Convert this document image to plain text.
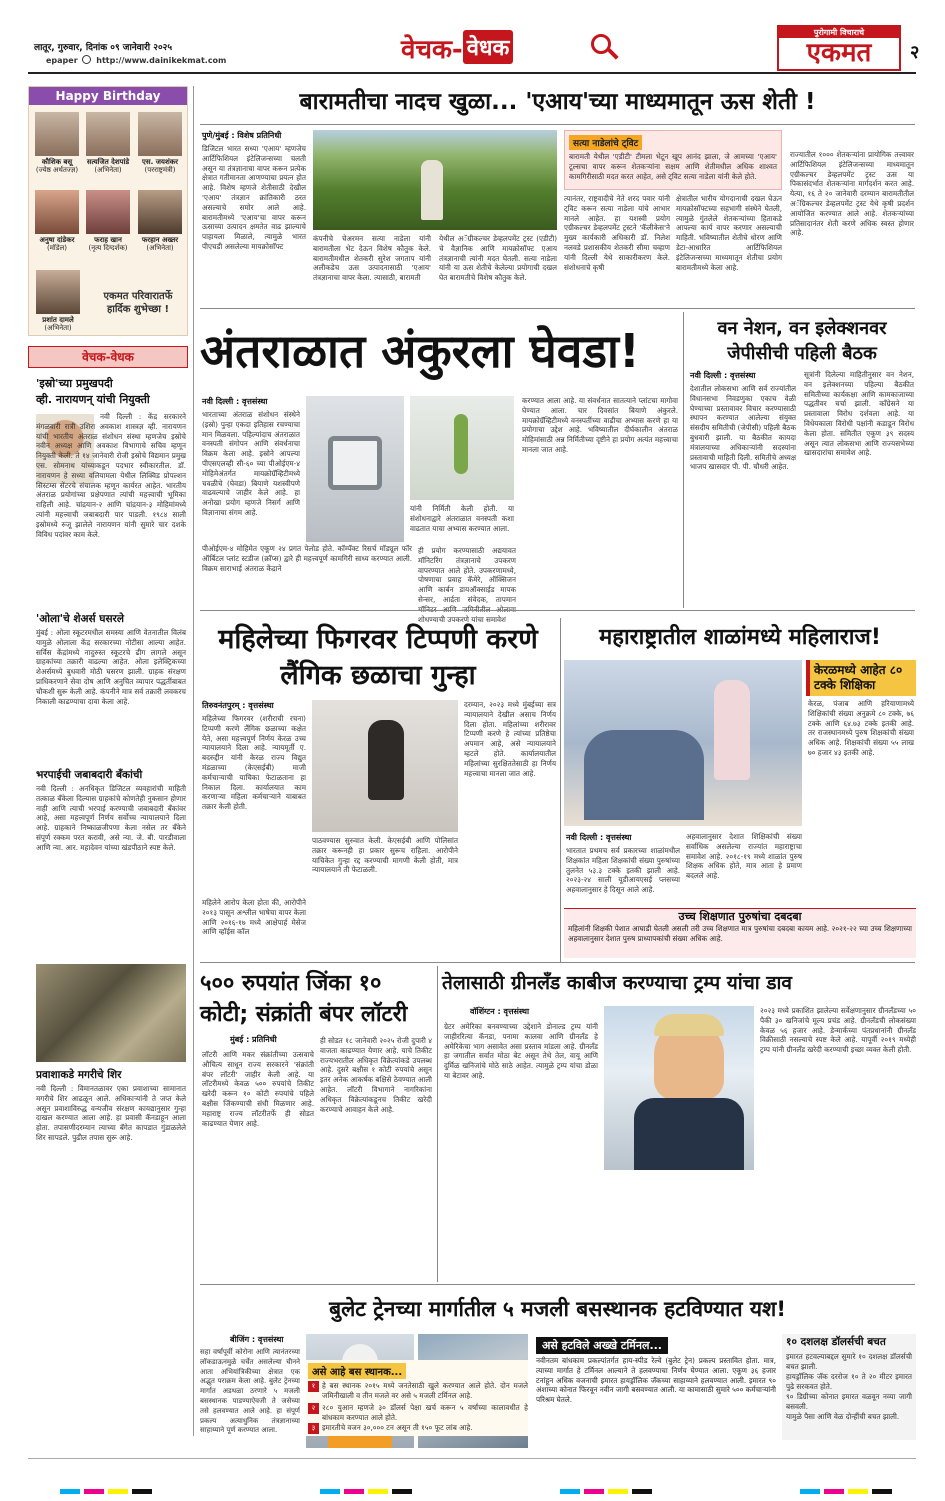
लातूर, गुरुवार, दिनांक ०९ जानेवारी २०२५
epaper http://www.dainikekmat.com	वेचक- वेधक
पुरोगामी विचाराचे
एकमत	२
Happy Birthday
कौशिक बसू
(ज्येष्ठ अर्थतज्ज्ञ)
सत्यजित देशपांडे
(अभिनेता)
एस. जयशंकर
(परराष्ट्रमंत्री)
अनुषा दांडेकर
(मॉडेल)
फराह खान
(नृत्य दिग्दर्शक)
फरहान अख्तर
(अभिनेता)
प्रशांत दामले
(अभिनेता)
एकमत परिवारातर्फे हार्दिक शुभेच्छा !
वेचक-वेधक
'इस्रो'च्या प्रमुखपदी
व्ही. नारायणन् यांची नियुक्ती
नवी दिल्ली : केंद्र सरकारने मंगळवारी रात्री उशिरा अवकाश शास्त्रज्ञ व्ही. नारायणन यांची भारतीय अंतराळ संशोधन संस्था म्हणजेच इस्रोचे नवीन अध्यक्ष आणि अवकाश विभागाचे सचिव म्हणून नियुक्ती केली. ते १४ जानेवारी रोजी इस्रोचे विद्यमान प्रमुख एस. सोमनाथ यांच्याकडून पदभार स्वीकारतील. डॉ. नारायणन हे सध्या वलियामला येथील लिक्विड प्रोपल्शन सिस्टम्स सेंटरचे संचालक म्हणून कार्यरत आहेत. भारतीय अंतराळ प्रयोगांच्या प्रक्षेपणात त्यांची महत्त्वाची भूमिका राहिली आहे. चांद्रयान-२ आणि चांद्रयान-३ मोहिमांमध्ये त्यांनी महत्त्वाची जबाबदारी पार पाडली. १९८४ साली इस्रोमध्ये रुजू झालेले नारायणन यांनी सुमारे चार दशके विविध पदांवर काम केले.
'ओला'चे शेअर्स घसरले
मुंबई : ओला स्कूटरमधील समस्या आणि वेतनातील विलंब यामुळे ओलाला केंद्र सरकारच्या नोटीसा आल्या आहेत. सर्विस केंद्रांमध्ये नादुरुस्त स्कूटरचे ढीग लागले असून ग्राहकांच्या तक्रारी वाढल्या आहेत. ओला इलेक्ट्रिकच्या शेअर्समध्ये बुधवारी मोठी घसरण झाली. ग्राहक संरक्षण प्राधिकरणाने सेवा दोष आणि अनुचित व्यापार पद्धतींबाबत चौकशी सुरू केली आहे. कंपनीने मात्र सर्व तक्रारी लवकरच निकाली काढण्याचा दावा केला आहे.
भरपाईची जबाबदारी बँकांची
नवी दिल्ली : अनधिकृत डिजिटल व्यवहारांची माहिती तत्काळ बँकेला दिल्यास ग्राहकांचे कोणतेही नुकसान होणार नाही आणि त्याची भरपाई करण्याची जबाबदारी बँकांवर आहे, असा महत्त्वपूर्ण निर्णय सर्वोच्च न्यायालयाने दिला आहे. ग्राहकाने निष्काळजीपणा केला नसेल तर बँकेने संपूर्ण रक्कम परत करावी, असे न्या. जे. बी. पारडीवाला आणि न्या. आर. महादेवन यांच्या खंडपीठाने स्पष्ट केले.
प्रवाशाकडे मगरीचे शिर
नवी दिल्ली : विमानतळावर एका प्रवाशाच्या सामानात मगरीचे शिर आढळून आले. अधिकाऱ्यांनी ते जप्त केले असून प्रवाशाविरुद्ध वन्यजीव संरक्षण कायद्यानुसार गुन्हा दाखल करण्यात आला आहे. हा प्रवासी कॅनडाहून आला होता. तपासणीदरम्यान त्याच्या बॅगेत कापडात गुंडाळलेले शिर सापडले. पुढील तपास सुरू आहे.
बारामतीचा नादच खुळा... 'एआय'च्या माध्यमातून ऊस शेती !
पुणे/मुंबई : विशेष प्रतिनिधी
डिजिटल भारत सध्या 'एआय' म्हणजेच आर्टिफिशियल इंटेलिजन्सच्या चलती असून या तंत्रज्ञानाचा वापर करून प्रत्येक क्षेत्रात गतीमानता आणण्याचा प्रयत्न होत आहे. विशेष म्हणजे शेतीसाठी देखील 'एआय' तंत्रज्ञान क्रांतिकारी ठरत असल्याचे समोर आले आहे. बारामतीमध्ये 'एआय'चा वापर करून ऊसाच्या उत्पादन क्षमतेत वाढ झाल्याचे पाहायला मिळाले, त्यामुळे भारत पीएचडी असलेल्या मायक्रोसॉफ्ट
कंपनीचे चेअरमन सत्या नाडेला यांनी बारामतीला भेट देऊन विशेष कौतुक केले. बारामतीमधील शेतकरी सुरेश जगताप यांनी अलीकडेच ऊस उत्पादनासाठी 'एआय' तंत्रज्ञानाचा वापर केला. त्यासाठी, बारामती
येथील अॅग्रीकल्चर डेव्हलपमेंट ट्रस्ट (एडीटी) चे वैज्ञानिक आणि मायक्रोसॉफ्ट एआय तंत्रज्ञानाची त्यांनी मदत घेतली. सत्या नाडेला यांनी या ऊस शेतीचे केलेल्या प्रयोगाची दखल घेत बारामतीचे विशेष कौतुक केले.
सत्या नाडेलांचे ट्विट
बारामती येथील 'एडीटी' टीमला भेटून खूप आनंद झाला, जे आमच्या 'एआय' टूल्सचा वापर करून शेतकऱ्यांना सक्षम आणि शेतीमधील अधिक शाश्वत कामगिरीसाठी मदत करत आहेत, असे ट्विट सत्या नाडेला यांनी केले होते.
त्यानंतर, राष्ट्रवादीचे नेते शरद पवार यांनी ट्विट करून सत्या नाडेला यांचे आभार मानले आहेत. हा यशस्वी प्रयोग एग्रीकल्चर डेव्हलपमेंट ट्रस्टने 'कॅलीकेस'ने मुख्य कार्यकारी अधिकारी डॉ. निलेश नलवडे प्रशासकीय शेतकरी सीमा चव्हाण यांनी दिल्ली येथे साकारीकरण केले. संशोधनाचे कृषी
क्षेत्रातील भारीय योगदानाची दखल घेऊन मायक्रोसॉफ्टच्या सहभागी संस्थेने घेतली, त्यामुळे गुंतलेले शेतकऱ्यांच्या हिताकडे आपल्या कार्य वापर करणार असल्याची माहिती. भविष्यातील शेतीचे धोरण आणि डेटा-आधारित आर्टिफिशियल इंटेलिजन्सच्या माध्यमातून शेतीचा प्रयोग बारामतीमध्ये केला आहे.
राज्यातील १००० शेतकऱ्यांना प्रायोगिक तत्त्वावर आर्टिफिशियल इंटेलिजन्सच्या माध्यमातून एग्रीकल्चर डेव्हलपमेंट ट्रस्ट ऊस या पिकासंदर्भात शेतकऱ्यांना मार्गदर्शन करत आहे. येत्या, १६ ते २० जानेवारी दरम्यान बारामतीतील अॅग्रिकल्चर डेव्हलपमेंट ट्रस्ट येथे कृषी प्रदर्शन आयोजित करण्यात आले आहे. शेतकऱ्यांच्या प्रतिसादानंतर शेती करणे अधिक स्वस्त होणार आहे.
अंतराळात अंकुरला घेवडा!
नवी दिल्ली : वृत्तसंस्था
भारताच्या अंतराळ संशोधन संस्थेने (इस्रो) पुन्हा एकदा इतिहास रचण्याचा मान मिळवला. पहिल्यांदाच अंतराळात वनस्पती संगोपन आणि संवर्धनाचा विक्रम केला आहे. इस्रोने आपल्या पीएसएलव्ही सी-६० च्या पीओईएम-४ मोहिमेअंतर्गत मायक्रोग्रॅव्हिटीमध्ये चवळीचे (घेवडा) बियाणे यशस्वीपणे वाढवल्याचे जाहीर केले आहे. हा अनोखा प्रयोग म्हणजे निसर्ग आणि विज्ञानाचा संगम आहे.
पीओईएम-४ मोहिमेत एकूण २४ प्रगत पेलोड होते. कॉम्पॅक्ट रिसर्च मॉड्यूल फॉर ऑर्बिटल प्लांट स्टडीज (क्रॉप्स) द्वारे ही महत्त्वपूर्ण कामगिरी साध्य करण्यात आली. विक्रम साराभाई अंतराळ केंद्राने
यांनी निर्मिती केली होती. या संशोधनाद्वारे अंतराळात वनस्पती कशा वाढतात याचा अभ्यास करण्यात आला.
ही प्रयोग करण्यासाठी अद्ययावत मॉनिटरिंग तंत्रज्ञानाचे उपकरण वापरण्यात आले होते. उपकरणामध्ये, पोषणाचा प्रवाह कॅमेरे, ऑक्सिजन आणि कार्बन डायऑक्साईड मापक सेन्सर, आर्द्रता संवेदक, तापमान शोधण्याची उपकरणे यांचा समावेश
करण्यात आला आहे. या संवर्धनात सातत्याने प्लांटचा मागोवा घेण्यात आला. चार दिवसांत बियाणे अंकुरले. मायक्रोग्रॅव्हिटीमध्ये वनस्पतींच्या वाढीचा अभ्यास करणे हा या प्रयोगाचा उद्देश आहे. भविष्यातील दीर्घकालीन अंतराळ मोहिमांसाठी अन्न निर्मितीच्या दृष्टीने हा प्रयोग अत्यंत महत्त्वाचा मानला जात आहे.
वन नेशन, वन इलेक्शनवर जेपीसीची पहिली बैठक
नवी दिल्ली : वृत्तसंस्था
देशातील लोकसभा आणि सर्व राज्यांतील विधानसभा निवडणुका एकाच वेळी घेण्याच्या प्रस्तावावर विचार करण्यासाठी स्थापन करण्यात आलेल्या संयुक्त संसदीय समितीची (जेपीसी) पहिली बैठक बुधवारी झाली. या बैठकीत कायदा मंत्रालयाच्या अधिकाऱ्यांनी सदस्यांना प्रस्तावाची माहिती दिली. समितीचे अध्यक्ष भाजप खासदार पी. पी. चौधरी आहेत.
सूत्रांनी दिलेल्या माहितीनुसार वन नेशन, वन इलेक्शनच्या पहिल्या बैठकीत समितीच्या कार्यकक्षा आणि कामकाजाच्या पद्धतीवर चर्चा झाली. काँग्रेसने या प्रस्तावाला विरोध दर्शवला आहे. या विधेयकाला विरोधी पक्षांनी कडाडून विरोध केला होता. समितीत एकूण ३९ सदस्य असून त्यात लोकसभा आणि राज्यसभेच्या खासदारांचा समावेश आहे.
महिलेच्या फिगरवर टिप्पणी करणे लैंगिक छळाचा गुन्हा
तिरुवनंतपुरम् : वृत्तसंस्था
महिलेच्या फिगरवर (शरीराची रचना) टिप्पणी करणे लैंगिक छळाच्या कक्षेत येते, असा महत्त्वपूर्ण निर्णय केरळ उच्च न्यायालयाने दिला आहे. न्यायमूर्ती ए. बदरुद्दीन यांनी केरळ राज्य विद्युत मंडळाच्या (केएसईबी) माजी कर्मचाऱ्याची याचिका फेटाळताना हा निकाल दिला. कार्यालयात काम करणाऱ्या महिला कर्मचाऱ्याने याबाबत तक्रार केली होती.
महिलेने आरोप केला होता की, आरोपीने २०१३ पासून अश्लील भाषेचा वापर केला आणि २०१६-१७ मध्ये आक्षेपार्ह मेसेज आणि व्हॉईस कॉल
पाठवण्यास सुरुवात केली. केएसईबी आणि पोलिसांत तक्रार करूनही हा प्रकार सुरूच राहिला. आरोपीने याचिकेत गुन्हा रद्द करण्याची मागणी केली होती, मात्र न्यायालयाने ती फेटाळली.
दरम्यान, २०२३ मध्ये मुंबईच्या सत्र न्यायालयाने देखील असाच निर्णय दिला होता. महिलांच्या शरीरावर टिप्पणी करणे हे त्यांच्या प्रतिष्ठेचा अपमान आहे, असे न्यायालयाने म्हटले होते. कार्यालयातील महिलांच्या सुरक्षिततेसाठी हा निर्णय महत्त्वाचा मानला जात आहे.
महाराष्ट्रातील शाळांमध्ये महिलाराज!
केरळमध्ये आहेत ८० टक्के शिक्षिका
केरळ, पंजाब आणि हरियाणामध्ये शिक्षिकांची संख्या अनुक्रमे ८० टक्के, ७६ टक्के आणि ६४.७३ टक्के इतकी आहे. तर राजस्थानमध्ये पुरुष शिक्षकांची संख्या अधिक आहे. शिक्षकांची संख्या ५५ लाख ७० हजार ४३ इतकी आहे.
नवी दिल्ली : वृत्तसंस्था
भारतात प्रथमच सर्व प्रकारच्या शाळांमधील शिक्षकांत महिला शिक्षकांची संख्या पुरुषांच्या तुलनेत ५३.३ टक्के इतकी झाली आहे. २०२३-२४ साली यूडीआयएसई प्लसच्या अहवालानुसार हे दिसून आले आहे.
अहवालानुसार देशात शिक्षिकांची संख्या सर्वाधिक असलेल्या राज्यांत महाराष्ट्राचा समावेश आहे. २०१८-१९ मध्ये शाळांत पुरुष शिक्षक अधिक होते, मात्र आता हे प्रमाण बदलले आहे.
उच्च शिक्षणात पुरुषांचा दबदबा
महिलांनी शिक्षकी पेशात आघाडी घेतली असली तरी उच्च शिक्षणात मात्र पुरुषांचा दबदबा कायम आहे. २०२१-२२ च्या उच्च शिक्षणाच्या अहवालानुसार देशात पुरुष प्राध्यापकांची संख्या अधिक आहे.
५०० रुपयांत जिंका १० कोटी; संक्रांती बंपर लॉटरी
मुंबई : प्रतिनिधी
लॉटरी आणि मकर संक्रांतीच्या उत्सवाचे औचित्य साधून राज्य सरकारने 'संक्रांती बंपर लॉटरी' जाहीर केली आहे. या लॉटरीमध्ये केवळ ५०० रुपयांचे तिकीट खरेदी करून १० कोटी रुपयांचे पहिले बक्षीस जिंकण्याची संधी मिळणार आहे. महाराष्ट्र राज्य लॉटरीतर्फे ही सोडत काढण्यात येणार आहे.
ही सोडत १८ जानेवारी २०२५ रोजी दुपारी ४ वाजता काढण्यात येणार आहे. याचे तिकीट राज्यभरातील अधिकृत विक्रेत्यांकडे उपलब्ध आहे. दुसरे बक्षीस १ कोटी रुपयांचे असून इतर अनेक आकर्षक बक्षिसे ठेवण्यात आली आहेत. लॉटरी विभागाने नागरिकांना अधिकृत विक्रेत्यांकडूनच तिकीट खरेदी करण्याचे आवाहन केले आहे.
तेलासाठी ग्रीनलँड काबीज करण्याचा ट्रम्प यांचा डाव
वॉशिंग्टन : वृत्तसंस्था
ग्रेटर अमेरिका बनवण्याच्या उद्देशाने डोनाल्ड ट्रम्प यांनी जाहीररित्या कॅनडा, पनामा कालवा आणि ग्रीनलँड हे अमेरिकेचा भाग असावेत असा प्रस्ताव मांडला आहे. ग्रीनलँड हा जगातील सर्वात मोठा बेट असून तेथे तेल, वायू आणि दुर्मिळ खनिजांचे मोठे साठे आहेत. त्यामुळे ट्रम्प यांचा डोळा या बेटावर आहे.
२०२३ मध्ये प्रकाशित झालेल्या सर्वेक्षणानुसार ग्रीनलँडच्या ५० पैकी ३० खनिजांचे मूल्य प्रचंड आहे. ग्रीनलँडची लोकसंख्या केवळ ५६ हजार आहे. डेन्मार्कच्या पंतप्रधानांनी ग्रीनलँड विक्रीसाठी नसल्याचे स्पष्ट केले आहे. यापूर्वी २०१९ मध्येही ट्रम्प यांनी ग्रीनलँड खरेदी करण्याची इच्छा व्यक्त केली होती.
बुलेट ट्रेनच्या मार्गातील ५ मजली बसस्थानक हटविण्यात यश!
बीजिंग : वृत्तसंस्था
सहा वर्षांपूर्वी कोरोना आणि त्यानंतरच्या लॉकडाऊनमुळे चर्चेत असलेल्या चीनने आता अभियांत्रिकीच्या क्षेत्रात एक अद्भुत पराक्रम केला आहे. बुलेट ट्रेनच्या मार्गात अडथळा ठरणारे ५ मजली बसस्थानक पाडण्याऐवजी ते जसेच्या तसे हलवण्यात आले आहे. हा संपूर्ण प्रकल्प अत्याधुनिक तंत्रज्ञानाच्या साहाय्याने पूर्ण करण्यात आला.
असे आहे बस स्थानक...
१ हे बस स्थानक २०१५ मध्ये जनतेसाठी खुले करण्यात आले होते. दोन मजले जमिनीखाली व तीन मजले वर असे ५ मजली टर्मिनल आहे.
२ २८० युआन म्हणजे ३० डॉलर्स पेक्षा खर्च करून ५ वर्षांच्या कालावधीत हे बांधकाम करण्यात आले होते.
३ इमारतीचे वजन ३०,००० टन असून ती १५० फूट लांब आहे.
असे हटविले अख्खे टर्मिनल...
नवीनतम बांधकाम प्रकल्पांतर्गत हाय-स्पीड रेल्वे (बुलेट ट्रेन) प्रकल्प प्रस्तावित होता. मात्र, त्याच्या मार्गात हे टर्मिनल आल्याने ते हलवण्याचा निर्णय घेण्यात आला. एकूण ३६ हजार टनांहून अधिक वजनाची इमारत हायड्रॉलिक जॅकच्या साहाय्याने हलवण्यात आली. इमारत ९० अंशाच्या कोनात फिरवून नवीन जागी बसवण्यात आली. या कामासाठी सुमारे ५०० कर्मचाऱ्यांनी परिश्रम घेतले.
१० दशलक्ष डॉलर्सची बचत
इमारत हटवल्याबद्दल सुमारे १० दशलक्ष डॉलर्सची बचत झाली.
हायड्रॉलिक जॅक दररोज १० ते २० मीटर इमारत पुढे सरकवत होते.
९० डिग्रीच्या कोनात इमारत वळवून नव्या जागी बसवली.
यामुळे पैसा आणि वेळ दोन्हींची बचत झाली.
